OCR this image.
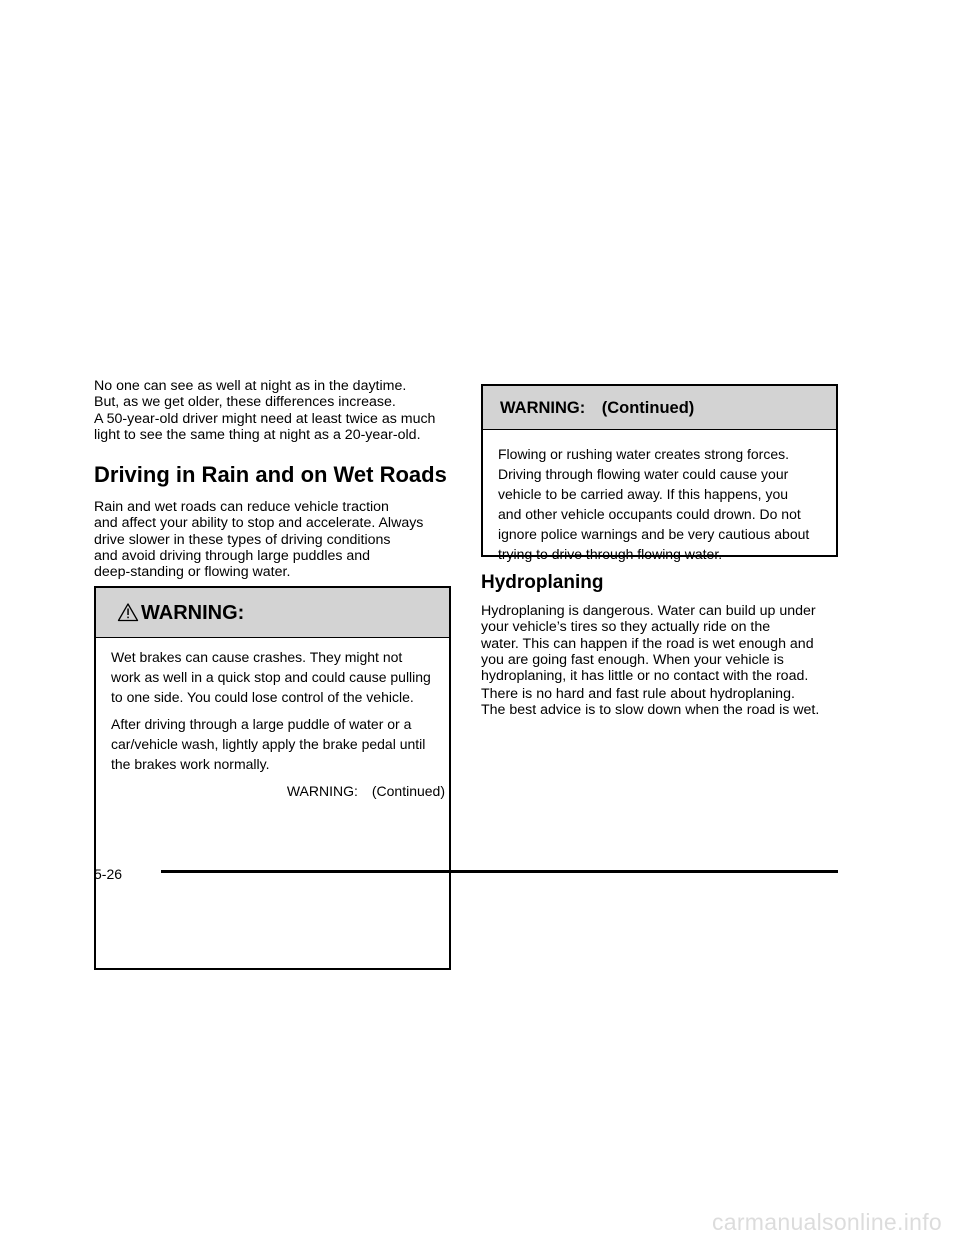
No one can see as well at night as in the daytime.
But, as we get older, these differences increase.
A 50-year-old driver might need at least twice as much
light to see the same thing at night as a 20-year-old.

Driving in Rain and on Wet Roads

Rain and wet roads can reduce vehicle traction
and affect your ability to stop and accelerate. Always
drive slower in these types of driving conditions
and avoid driving through large puddles and
deep-standing or flowing water.

WARNING:

Wet brakes can cause crashes. They might not
work as well in a quick stop and could cause pulling
to one side. You could lose control of the vehicle.

After driving through a large puddle of water or a
car/vehicle wash, lightly apply the brake pedal until
the brakes work normally.

WARNING: (Continued)

WARNING: (Continued)
Flowing or rushing water creates strong forces.
Driving through flowing water could cause your
vehicle to be carried away. If this happens, you
and other vehicle occupants could drown. Do not
ignore police warnings and be very cautious about
trying to drive through flowing water.
Hydroplaning

Hydroplaning is dangerous. Water can build up under
your vehicle’s tires so they actually ride on the
water. This can happen if the road is wet enough and
you are going fast enough. When your vehicle is
hydroplaning, it has little or no contact with the road.

There is no hard and fast rule about hydroplaning.
The best advice is to slow down when the road is wet.

5-26
carmanualsonline.info
